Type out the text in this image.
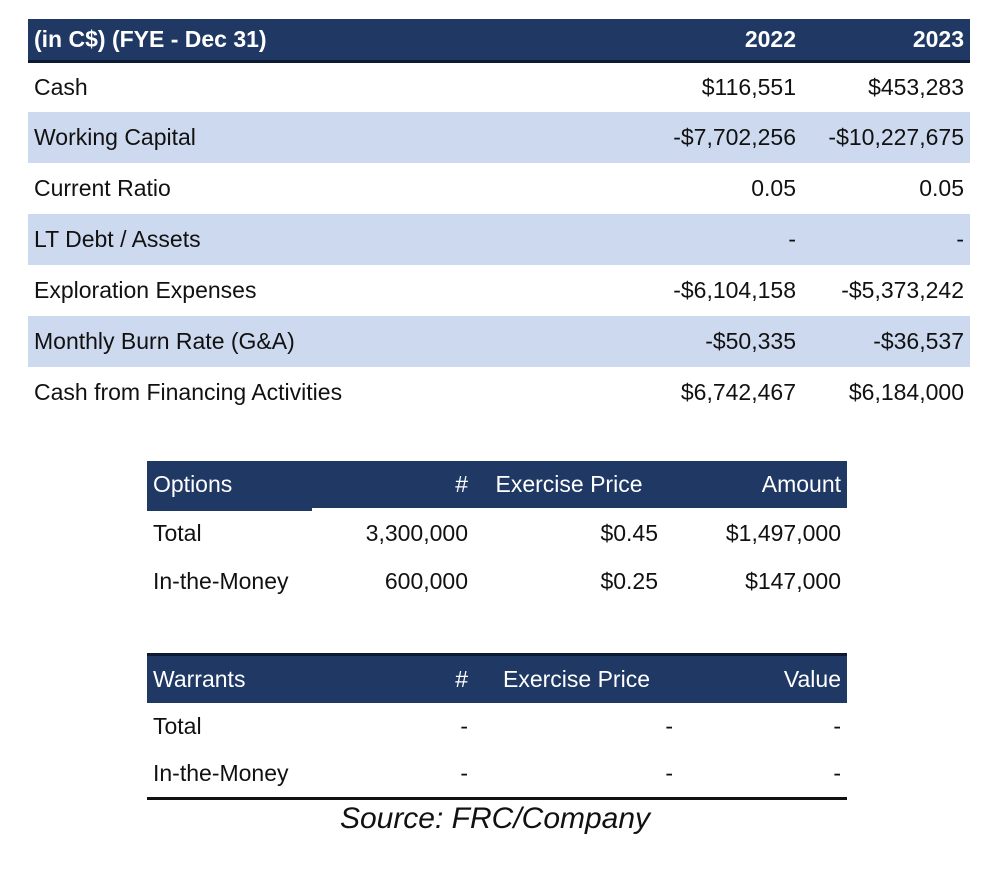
(in C$) (FYE - Dec 31)	2022	2023
Cash	$116,551	$453,283
Working Capital	-$7,702,256	-$10,227,675
Current Ratio	0.05	0.05
LT Debt / Assets	-	-
Exploration Expenses	-$6,104,158	-$5,373,242
Monthly Burn Rate (G&A)	-$50,335	-$36,537
Cash from Financing Activities	$6,742,467	$6,184,000
Options	#	Exercise Price	Amount
Total	3,300,000	$0.45	$1,497,000
In-the-Money	600,000	$0.25	$147,000
Warrants	#	Exercise Price	Value
Total	-	-	-
In-the-Money	-	-	-
Source: FRC/Company
